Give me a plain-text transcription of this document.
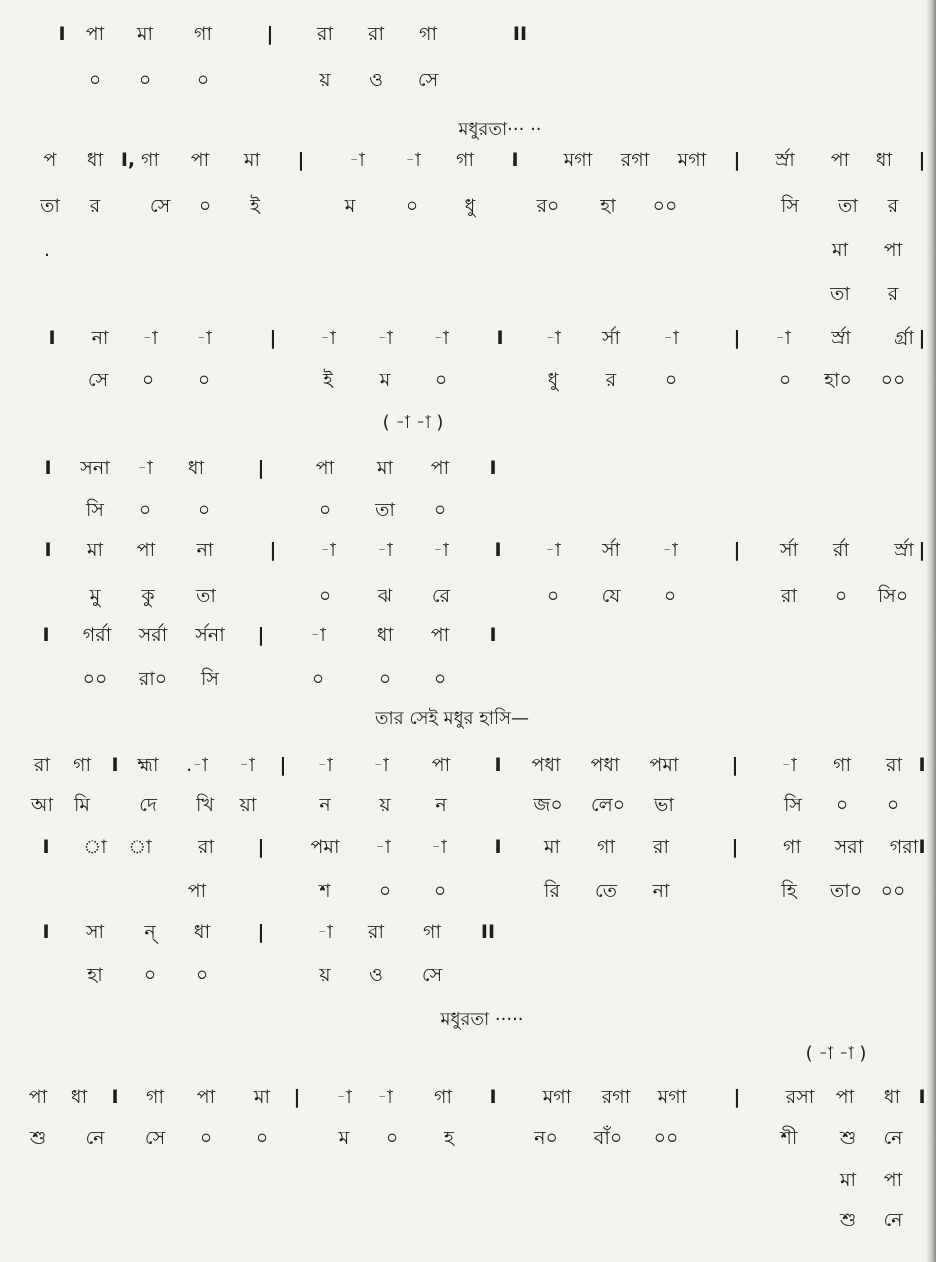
I পা মা গা	| রা রা গা	II
০ ০ ০	য় ও সে
প ধা I, গা পা মা | -া -া গা I মগা রগা মগা | র্স্রা পা ধা |
তা র	সে ০ ই	ম	০ ধু	র০ হা ০০	সি তা র
.	মা পা
তা র
I না -া -া	| -া -া -া	I -া র্সা -া	| -া র্স্রা র্গ্রা |
সে ০ ০	ই ম ০	ধু র	০	০ হা০ ০০
I সনা -া ধা	|	পা মা পা I
সি ০ ০	০ তা ০
I মা পা না	| -া -া -া I -া র্সা -া	| র্সা র্রা র্স্রা |
মু কু তা	০ ঝ রে	০ যে ০	রা ০ সি০
I গর্রা সর্রা র্সনা | -া	ধা পা I
০০ রা০ সি	০	০ ০
রা গা I হ্মা .-া -া | -া -া পা I পধা পধা পমা	| -া গা রা I
আ মি	দে খি য়া	ন	য় ন	জ০ লে০ ভা	সি ০ ০
I া া রা | পমা -া -া	I মা গা রা	| গা সরা গরা I
পা	শ	০ ০	রি তে না	হি তা০ ০০
I সা ন্ ধা |	-া রা গা II
হা ০ ০	য় ও সে
পা ধা I গা পা মা | -া -া গা I মগা রগা মগা | রসা পা ধা I
শু নে সে ০ ০	ম ০ হ	ন০ বাঁ০ ০০	শী শু নে
মা পা
শু নে
মধুরতা··· ··
( -া -া )
তার সেই মধুর হাসি—
মধুরতা ·····
( -া -া )
